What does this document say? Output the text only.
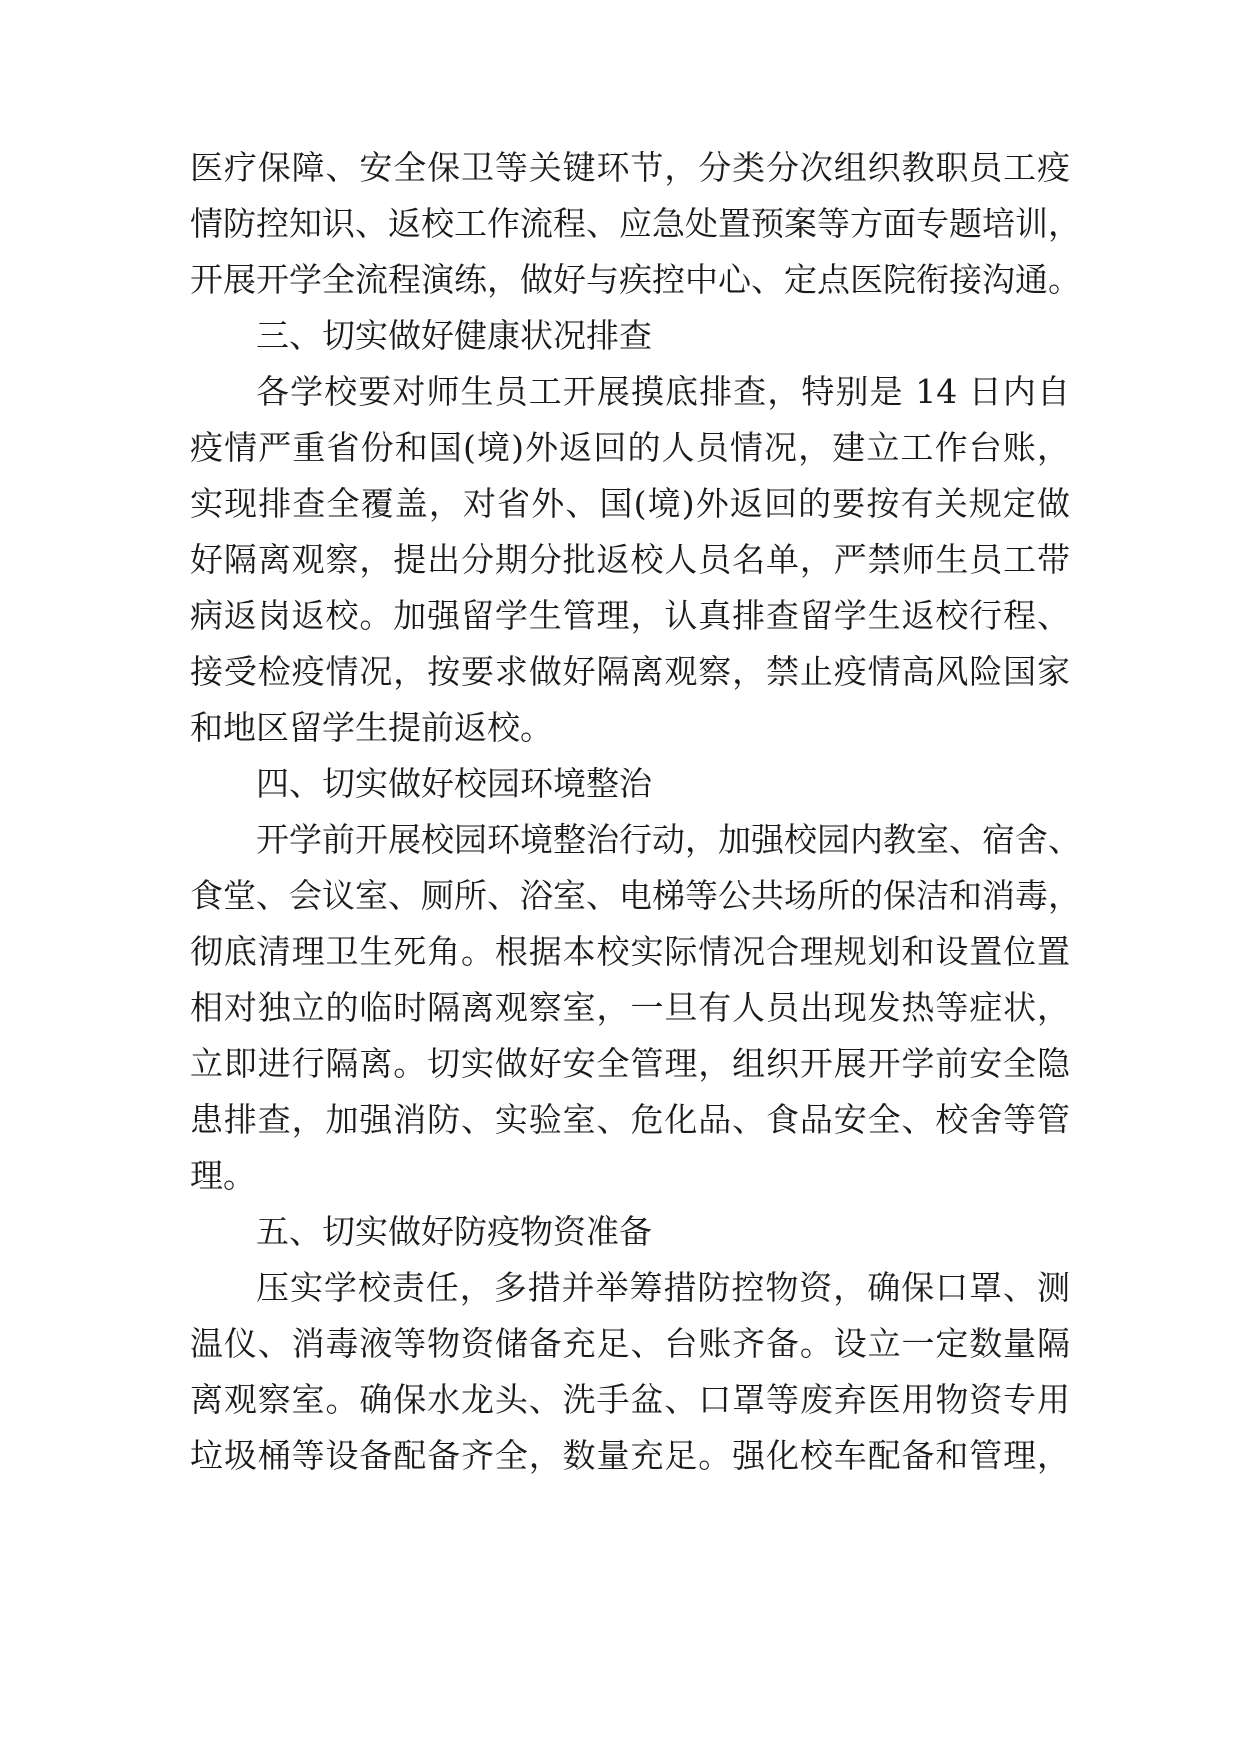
医疗保障、安全保卫等关键环节，分类分次组织教职员工疫
情防控知识、返校工作流程、应急处置预案等方面专题培训，
开展开学全流程演练，做好与疾控中心、定点医院衔接沟通。
三、切实做好健康状况排查
各学校要对师生员工开展摸底排查，特别是 14 日内自
疫情严重省份和国(境)外返回的人员情况，建立工作台账，
实现排查全覆盖，对省外、国(境)外返回的要按有关规定做
好隔离观察，提出分期分批返校人员名单，严禁师生员工带
病返岗返校。加强留学生管理，认真排查留学生返校行程、
接受检疫情况，按要求做好隔离观察，禁止疫情高风险国家
和地区留学生提前返校。
四、切实做好校园环境整治
开学前开展校园环境整治行动，加强校园内教室、宿舍、
食堂、会议室、厕所、浴室、电梯等公共场所的保洁和消毒，
彻底清理卫生死角。根据本校实际情况合理规划和设置位置
相对独立的临时隔离观察室，一旦有人员出现发热等症状，
立即进行隔离。切实做好安全管理，组织开展开学前安全隐
患排查，加强消防、实验室、危化品、食品安全、校舍等管
理。
五、切实做好防疫物资准备
压实学校责任，多措并举筹措防控物资，确保口罩、测
温仪、消毒液等物资储备充足、台账齐备。设立一定数量隔
离观察室。确保水龙头、洗手盆、口罩等废弃医用物资专用
垃圾桶等设备配备齐全，数量充足。强化校车配备和管理，
